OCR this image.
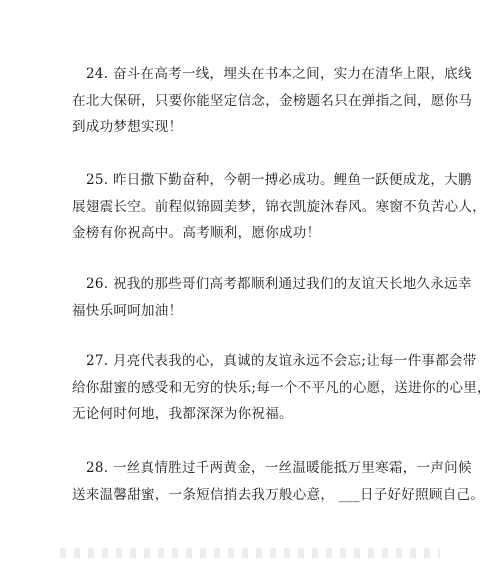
24. 奋斗在高考一线，埋头在书本之间，实力在清华上限，底线
在北大保研，只要你能坚定信念，金榜题名只在弹指之间，愿你马
到成功梦想实现！
25. 昨日撒下勤奋种，今朝一搏必成功。鲤鱼一跃便成龙，大鹏
展翅震长空。前程似锦圆美梦，锦衣凯旋沐春风。寒窗不负苦心人，
金榜有你祝高中。高考顺利，愿你成功！
26. 祝我的那些哥们高考都顺利通过我们的友谊天长地久永远幸
福快乐呵呵加油！
27. 月亮代表我的心，真诚的友谊永远不会忘;让每一件事都会带
给你甜蜜的感受和无穷的快乐;每一个不平凡的心愿，送进你的心里，
无论何时何地，我都深深为你祝福。
28. 一丝真情胜过千两黄金，一丝温暖能抵万里寒霜，一声问候
送来温馨甜蜜，一条短信捎去我万般心意， ___日子好好照顾自己。
